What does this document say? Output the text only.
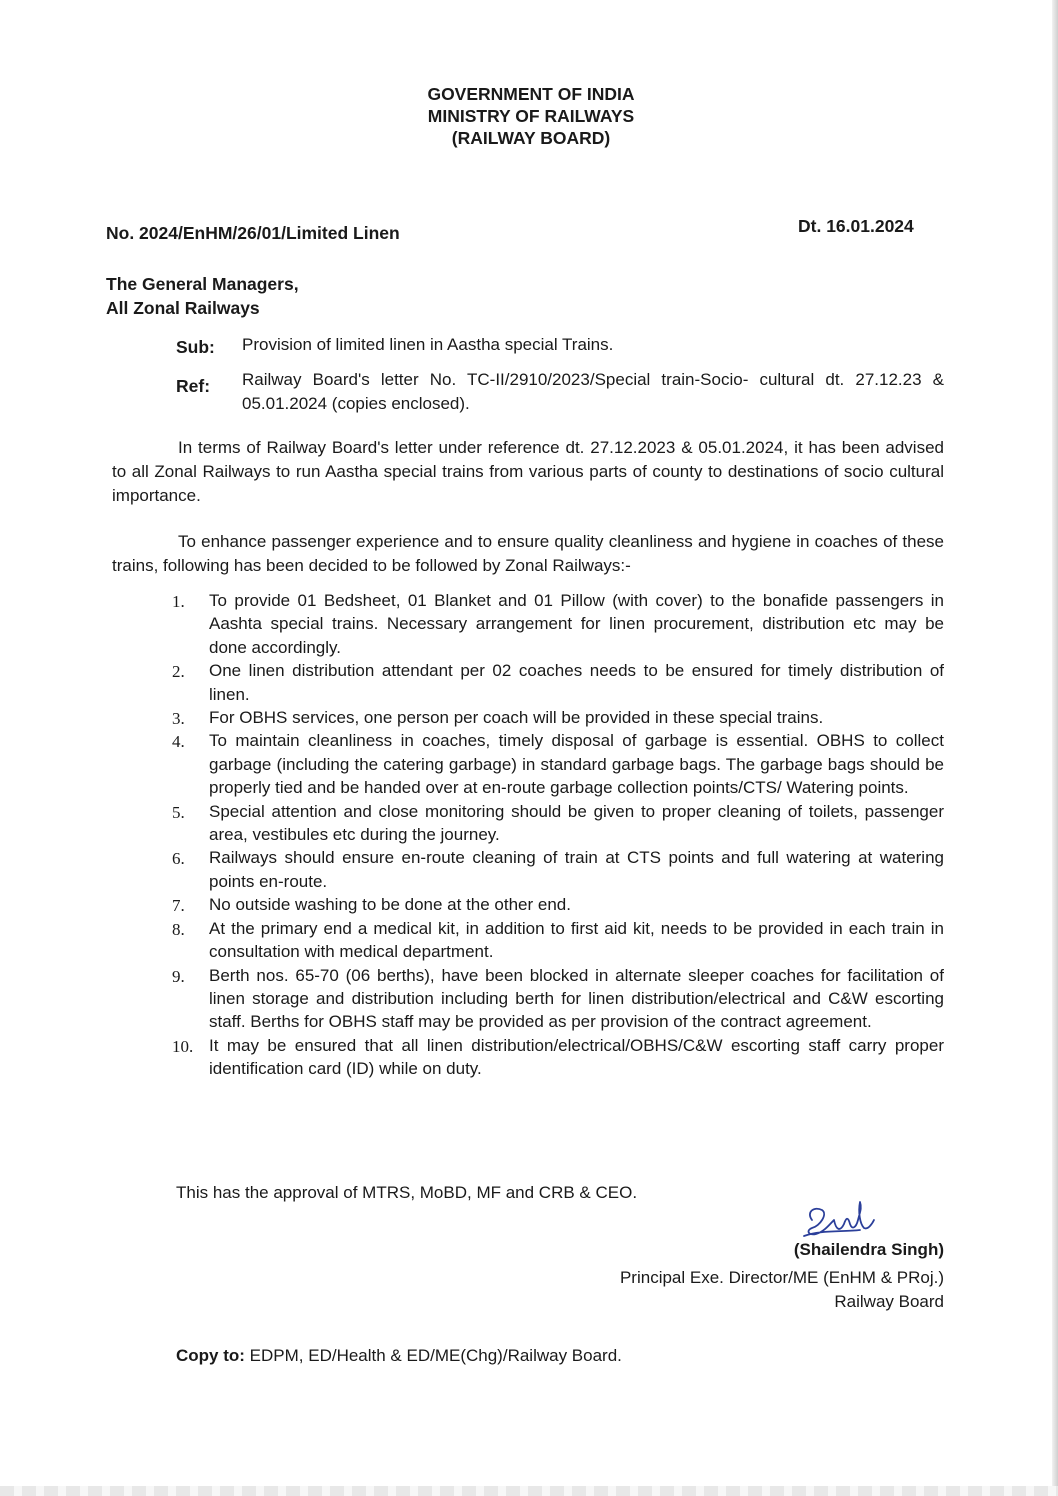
GOVERNMENT OF INDIA
MINISTRY OF RAILWAYS
(RAILWAY BOARD)
No. 2024/EnHM/26/01/Limited Linen	Dt. 16.01.2024
The General Managers,
All Zonal Railways
Sub: Provision of limited linen in Aastha special Trains.
Ref: Railway Board's letter No. TC-II/2910/2023/Special train-Socio- cultural dt. 27.12.23 & 05.01.2024 (copies enclosed).
In terms of Railway Board's letter under reference dt. 27.12.2023 & 05.01.2024, it has been advised to all Zonal Railways to run Aastha special trains from various parts of county to destinations of socio cultural importance.
To enhance passenger experience and to ensure quality cleanliness and hygiene in coaches of these trains, following has been decided to be followed by Zonal Railways:-
1.	To provide 01 Bedsheet, 01 Blanket and 01 Pillow (with cover) to the bonafide passengers in Aashta special trains. Necessary arrangement for linen procurement, distribution etc may be done accordingly.
2.	One linen distribution attendant per 02 coaches needs to be ensured for timely distribution of linen.
3.	For OBHS services, one person per coach will be provided in these special trains.
4.	To maintain cleanliness in coaches, timely disposal of garbage is essential. OBHS to collect garbage (including the catering garbage) in standard garbage bags. The garbage bags should be properly tied and be handed over at en-route garbage collection points/CTS/ Watering points.
5.	Special attention and close monitoring should be given to proper cleaning of toilets, passenger area, vestibules etc during the journey.
6.	Railways should ensure en-route cleaning of train at CTS points and full watering at watering points en-route.
7.	No outside washing to be done at the other end.
8.	At the primary end a medical kit, in addition to first aid kit, needs to be provided in each train in consultation with medical department.
9.	Berth nos. 65-70 (06 berths), have been blocked in alternate sleeper coaches for facilitation of linen storage and distribution including berth for linen distribution/electrical and C&W escorting staff. Berths for OBHS staff may be provided as per provision of the contract agreement.
10. It may be ensured that all linen distribution/electrical/OBHS/C&W escorting staff carry proper identification card (ID) while on duty.
This has the approval of MTRS, MoBD, MF and CRB & CEO.
(Shailendra Singh)
Principal Exe. Director/ME (EnHM & PRoj.)
Railway Board
Copy to: EDPM, ED/Health & ED/ME(Chg)/Railway Board.
